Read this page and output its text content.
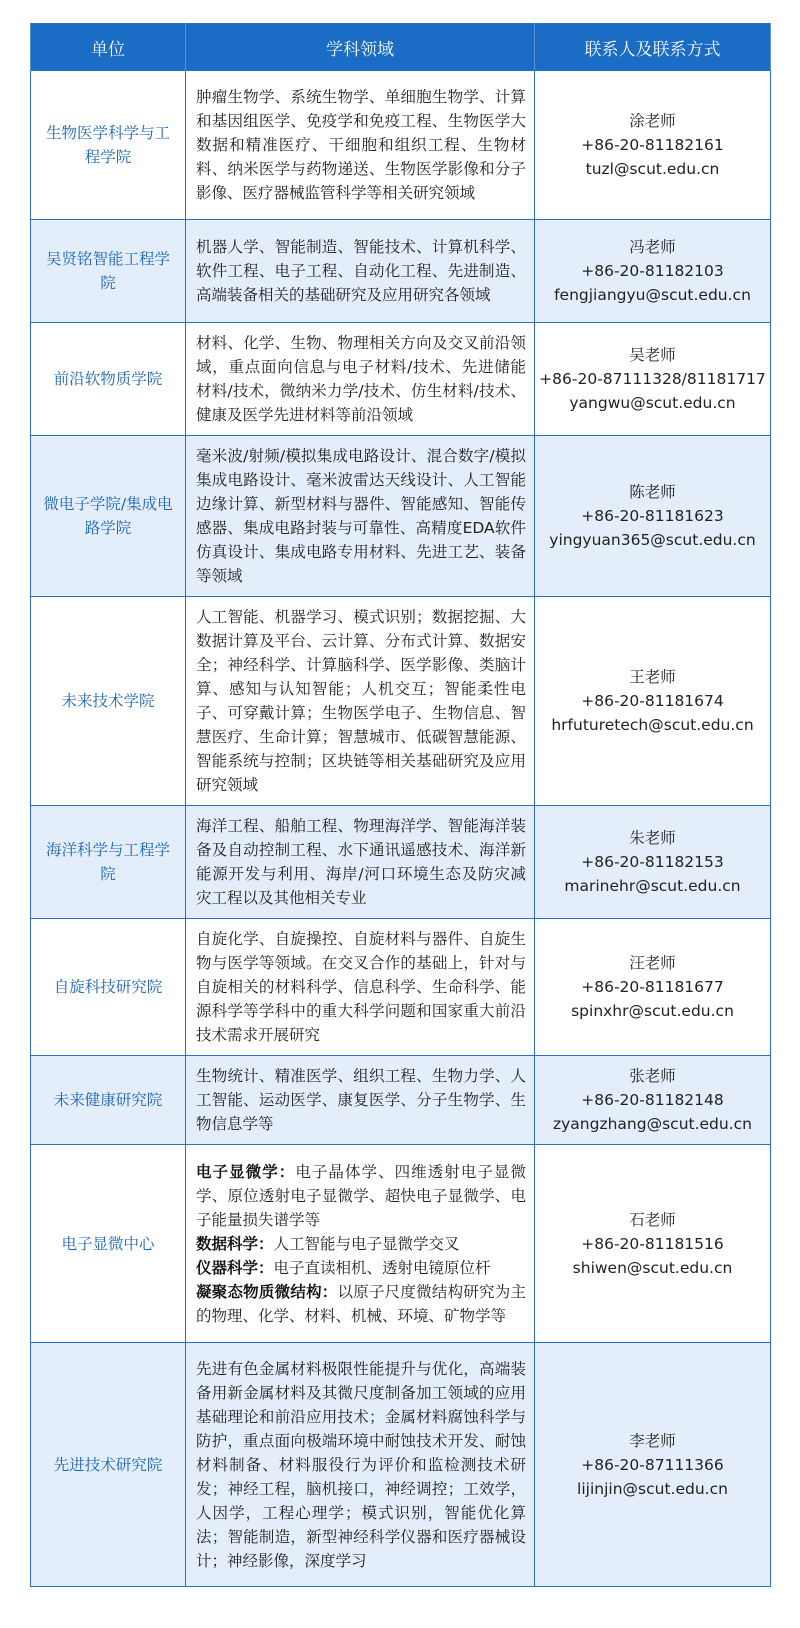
单位	学科领域	联系人及联系方式
生物医学科学与工程学院	肿瘤生物学、系统生物学、单细胞生物学、计算和基因组医学、免疫学和免疫工程、生物医学大数据和精准医疗、干细胞和组织工程、生物材料、纳米医学与药物递送、生物医学影像和分子影像、医疗器械监管科学等相关研究领域	涂老师
+86-20-81182161
tuzl@scut.edu.cn

吴贤铭智能工程学院	机器人学、智能制造、智能技术、计算机科学、软件工程、电子工程、自动化工程、先进制造、高端装备相关的基础研究及应用研究各领域	冯老师
+86-20-81182103
fengjiangyu@scut.edu.cn

前沿软物质学院	材料、化学、生物、物理相关方向及交叉前沿领域，重点面向信息与电子材料/技术、先进储能材料/技术，微纳米力学/技术、仿生材料/技术、健康及医学先进材料等前沿领域	吴老师
+86-20-87111328/81181717
yangwu@scut.edu.cn

微电子学院/集成电路学院	毫米波/射频/模拟集成电路设计、混合数字/模拟集成电路设计、毫米波雷达天线设计、人工智能边缘计算、新型材料与器件、智能感知、智能传感器、集成电路封装与可靠性、高精度EDA软件仿真设计、集成电路专用材料、先进工艺、装备等领域	陈老师
+86-20-81181623
yingyuan365@scut.edu.cn

未来技术学院	人工智能、机器学习、模式识别；数据挖掘、大数据计算及平台、云计算、分布式计算、数据安全；神经科学、计算脑科学、医学影像、类脑计算、感知与认知智能；人机交互；智能柔性电子、可穿戴计算；生物医学电子、生物信息、智慧医疗、生命计算；智慧城市、低碳智慧能源、智能系统与控制；区块链等相关基础研究及应用研究领域	王老师
+86-20-81181674
hrfuturetech@scut.edu.cn

海洋科学与工程学院	海洋工程、船舶工程、物理海洋学、智能海洋装备及自动控制工程、水下通讯遥感技术、海洋新能源开发与利用、海岸/河口环境生态及防灾减灾工程以及其他相关专业	朱老师
+86-20-81182153
marinehr@scut.edu.cn

自旋科技研究院	自旋化学、自旋操控、自旋材料与器件、自旋生物与医学等领域。在交叉合作的基础上，针对与自旋相关的材料科学、信息科学、生命科学、能源科学等学科中的重大科学问题和国家重大前沿技术需求开展研究	汪老师
+86-20-81181677
spinxhr@scut.edu.cn

未来健康研究院	生物统计、精准医学、组织工程、生物力学、人工智能、运动医学、康复医学、分子生物学、生物信息学等	张老师
+86-20-81182148
zyangzhang@scut.edu.cn

电子显微中心	电子显微学：电子晶体学、四维透射电子显微学、原位透射电子显微学、超快电子显微学、电子能量损失谱学等
数据科学：人工智能与电子显微学交叉
仪器科学：电子直读相机、透射电镜原位杆
凝聚态物质微结构：以原子尺度微结构研究为主的物理、化学、材料、机械、环境、矿物学等	石老师
+86-20-81181516
shiwen@scut.edu.cn

先进技术研究院	先进有色金属材料极限性能提升与优化，高端装备用新金属材料及其微尺度制备加工领域的应用基础理论和前沿应用技术；金属材料腐蚀科学与防护，重点面向极端环境中耐蚀技术开发、耐蚀材料制备、材料服役行为评价和监检测技术研发；神经工程，脑机接口，神经调控；工效学，人因学，工程心理学；模式识别，智能优化算法；智能制造，新型神经科学仪器和医疗器械设计；神经影像，深度学习	李老师
+86-20-87111366
lijinjin@scut.edu.cn
